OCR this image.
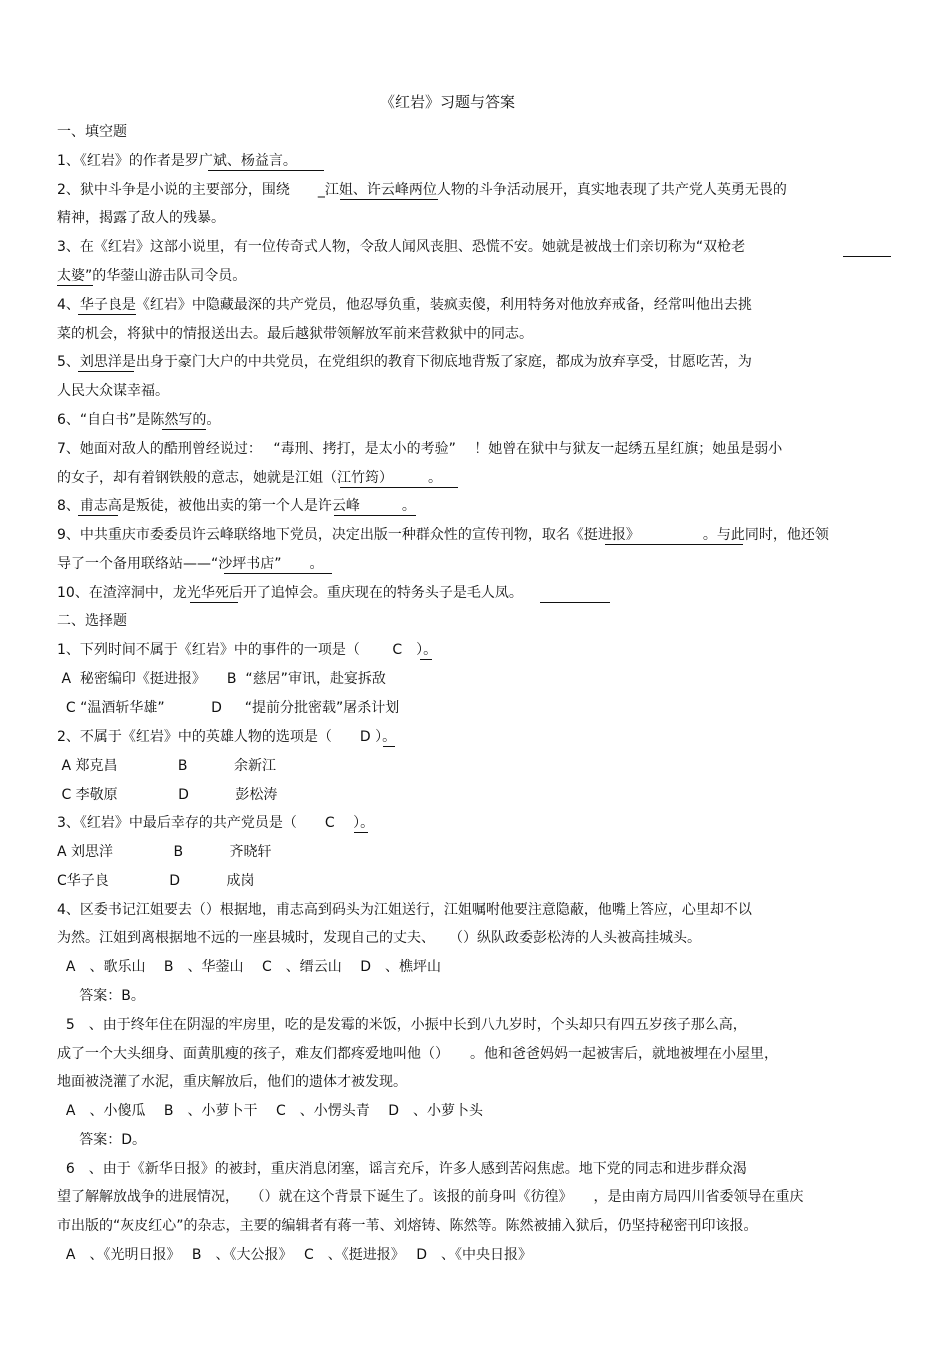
《红岩》习题与答案
一、填空题
1、《红岩》的作者是罗广斌、杨益言。
2、狱中斗争是小说的主要部分，围绕　　_江姐、许云峰两位人物的斗争活动展开，真实地表现了共产党人英勇无畏的
精神，揭露了敌人的残暴。
3、在《红岩》这部小说里，有一位传奇式人物，令敌人闻风丧胆、恐慌不安。她就是被战士们亲切称为“双枪老
太婆”的华蓥山游击队司令员。
4、华子良是《红岩》中隐藏最深的共产党员，他忍辱负重，装疯卖傻，利用特务对他放弃戒备，经常叫他出去挑
菜的机会，将狱中的情报送出去。最后越狱带领解放军前来营救狱中的同志。
5、刘思洋是出身于豪门大户的中共党员，在党组织的教育下彻底地背叛了家庭，都成为放弃享受，甘愿吃苦，为
人民大众谋幸福。
6、“自白书”是陈然写的。
7、她面对敌人的酷刑曾经说过：　 “毒刑、拷打，是太小的考验”　 ！她曾在狱中与狱友一起绣五星红旗；她虽是弱小
的女子，却有着钢铁般的意志，她就是江姐（江竹筠）　　　。
8、甫志高是叛徒，被他出卖的第一个人是许云峰　　　。
9、中共重庆市委委员许云峰联络地下党员，决定出版一种群众性的宣传刊物，取名《挺进报》　　　　　。与此同时，他还领
导了一个备用联络站——“沙坪书店”　　。
10、在渣滓洞中，龙光华死后开了追悼会。重庆现在的特务头子是毛人凤。
二、选择题
1、下列时间不属于《红岩》中的事件的一项是（　　 C　）。
A  秘密编印《挺进报》　　B  “慈居”审讯，赴宴拆敌
C “温酒斩华雄”　　　 D  　“提前分批密载”屠杀计划
2、不属于《红岩》中的英雄人物的选项是（　　D ）。
A 郑克昌　　　　 B　　　 余新江
C 李敬原　　　　 D　　　 彭松涛
3、《红岩》中最后幸存的共产党员是（　　C　 ）。
A 刘思洋　　　　 B　　　 齐晓轩
C华子良　　　　 D　　　 成岗
4、区委书记江姐要去（）根据地，甫志高到码头为江姐送行，江姐嘱咐他要注意隐蔽，他嘴上答应，心里却不以
为然。江姐到离根据地不远的一座县城时，发现自己的丈夫、　　（）纵队政委彭松涛的人头被高挂城头。
A　、歌乐山　 B　、华蓥山　 C　、缙云山　 D　、樵坪山
答案：B。
5　、由于终年住在阴湿的牢房里，吃的是发霉的米饭，小振中长到八九岁时，个头却只有四五岁孩子那么高，
成了一个大头细身、面黄肌瘦的孩子，难友们都疼爱地叫他（）　　。他和爸爸妈妈一起被害后，就地被埋在小屋里，
地面被浇灌了水泥，重庆解放后，他们的遗体才被发现。
A　、小傻瓜　 B　、小萝卜干　 C　、小愣头青　 D　、小萝卜头
答案：D。
6　、由于《新华日报》的被封，重庆消息闭塞，谣言充斥，许多人感到苦闷焦虑。地下党的同志和进步群众渴
望了解解放战争的进展情况，　 （）就在这个背景下诞生了。该报的前身叫《彷徨》　　，是由南方局四川省委领导在重庆
市出版的“灰皮红心”的杂志，主要的编辑者有蒋一苇、刘熔铸、陈然等。陈然被捕入狱后，仍坚持秘密刊印该报。
A　、《光明日报》　 B　、《大公报》　 C　、《挺进报》　 D　、《中央日报》
